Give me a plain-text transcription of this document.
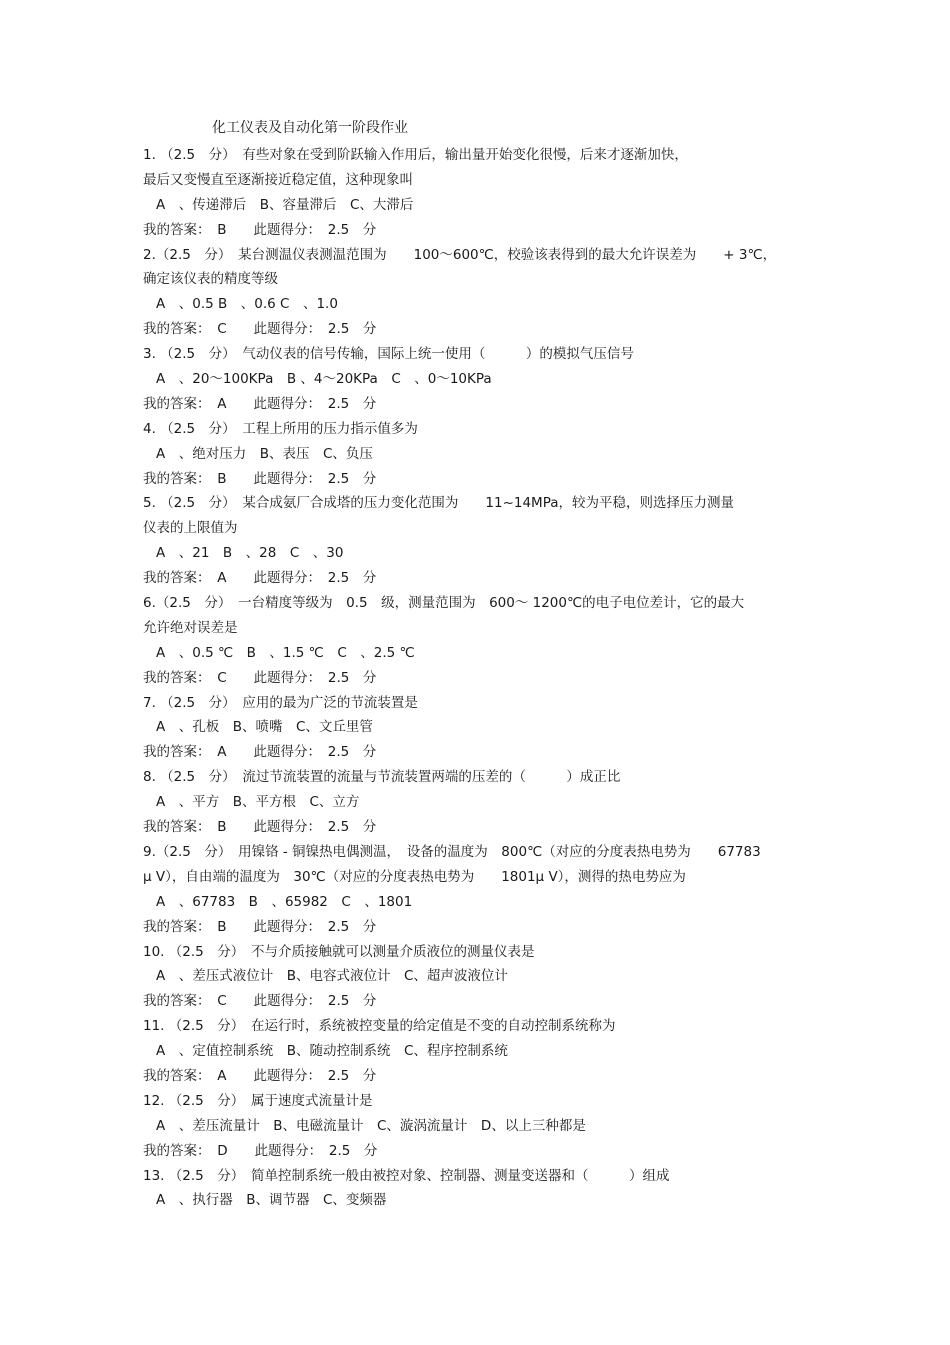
化工仪表及自动化第一阶段作业
1. （2.5　分）　有些对象在受到阶跃输入作用后，输出量开始变化很慢，后来才逐渐加快，
最后又变慢直至逐渐接近稳定值，这种现象叫
A　、传递滞后　B、容量滞后　C、大滞后
我的答案：　B　　此题得分：　2.5　分
2.（2.5　分）　某台测温仪表测温范围为　　100～600℃，校验该表得到的最大允许误差为　　+ 3℃，
确定该仪表的精度等级
A　、0.5 B　、0.6 C　、1.0
我的答案：　C　　此题得分：　2.5　分
3. （2.5　分）　气动仪表的信号传输，国际上统一使用（　　　）的模拟气压信号
A　、20～100KPa　B 、4～20KPa　C　、0～10KPa
我的答案：　A　　此题得分：　2.5　分
4. （2.5　分）　工程上所用的压力指示值多为
A　、绝对压力　B、表压　C、负压
我的答案：　B　　此题得分：　2.5　分
5. （2.5　分）　某合成氨厂合成塔的压力变化范围为　　11~14MPa，较为平稳，则选择压力测量
仪表的上限值为
A　、21　B　、28　C　、30
我的答案：　A　　此题得分：　2.5　分
6.（2.5　分）　一台精度等级为　0.5　级，测量范围为　600～ 1200℃的电子电位差计，它的最大
允许绝对误差是
A　、0.5 ℃　B　、1.5 ℃　C　、2.5 ℃
我的答案：　C　　此题得分：　2.5　分
7. （2.5　分）　应用的最为广泛的节流装置是
A　、孔板　B、喷嘴　C、文丘里管
我的答案：　A　　此题得分：　2.5　分
8. （2.5　分）　流过节流装置的流量与节流装置两端的压差的（　　　）成正比
A　、平方　B、平方根　C、立方
我的答案：　B　　此题得分：　2.5　分
9.（2.5　分）　用镍铬 - 铜镍热电偶测温，　设备的温度为　800℃（对应的分度表热电势为　　67783
μ V），自由端的温度为　30℃（对应的分度表热电势为　　1801μ V），测得的热电势应为
A　、67783　B　、65982　C　、1801
我的答案：　B　　此题得分：　2.5　分
10. （2.5　分）　不与介质接触就可以测量介质液位的测量仪表是
A　、差压式液位计　B、电容式液位计　C、超声波液位计
我的答案：　C　　此题得分：　2.5　分
11. （2.5　分）　在运行时，系统被控变量的给定值是不变的自动控制系统称为
A　、定值控制系统　B、随动控制系统　C、程序控制系统
我的答案：　A　　此题得分：　2.5　分
12. （2.5　分）　属于速度式流量计是
A　、差压流量计　B、电磁流量计　C、漩涡流量计　D、以上三种都是
我的答案：　D　　此题得分：　2.5　分
13. （2.5　分）　简单控制系统一般由被控对象、控制器、测量变送器和（　　　）组成
A　、执行器　B、调节器　C、变频器
